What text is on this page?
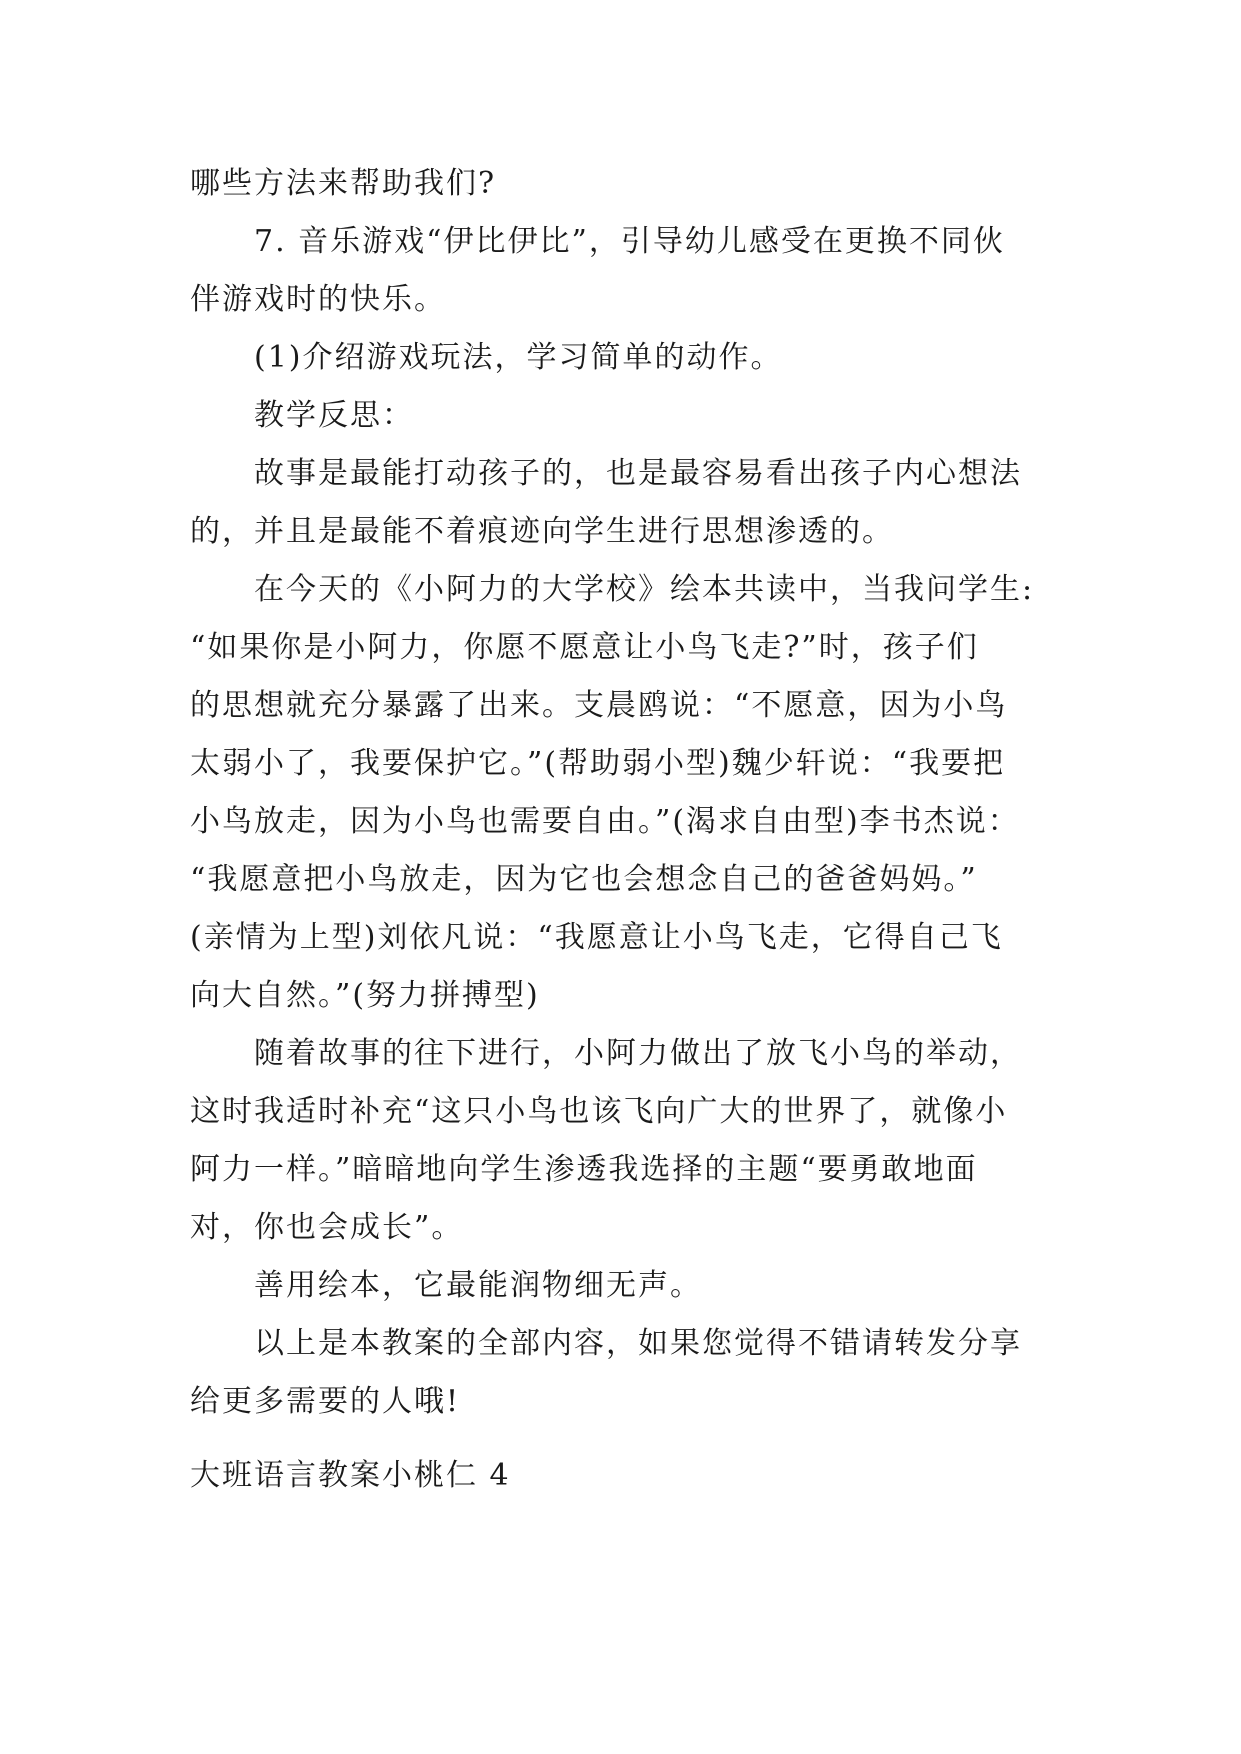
哪些方法来帮助我们?
7. 音乐游戏“伊比伊比”，引导幼儿感受在更换不同伙
伴游戏时的快乐。
(1)介绍游戏玩法，学习简单的动作。
教学反思：
故事是最能打动孩子的，也是最容易看出孩子内心想法
的，并且是最能不着痕迹向学生进行思想渗透的。
在今天的《小阿力的大学校》绘本共读中，当我问学生:
“如果你是小阿力，你愿不愿意让小鸟飞走?”时，孩子们
的思想就充分暴露了出来。支晨鸥说：“不愿意，因为小鸟
太弱小了，我要保护它。”(帮助弱小型)魏少轩说：“我要把
小鸟放走，因为小鸟也需要自由。”(渴求自由型)李书杰说：
“我愿意把小鸟放走，因为它也会想念自己的爸爸妈妈。”
(亲情为上型)刘依凡说：“我愿意让小鸟飞走，它得自己飞
向大自然。”(努力拼搏型)
随着故事的往下进行，小阿力做出了放飞小鸟的举动，
这时我适时补充“这只小鸟也该飞向广大的世界了，就像小
阿力一样。”暗暗地向学生渗透我选择的主题“要勇敢地面
对，你也会成长”。
善用绘本，它最能润物细无声。
以上是本教案的全部内容，如果您觉得不错请转发分享
给更多需要的人哦!
大班语言教案小桃仁 4
